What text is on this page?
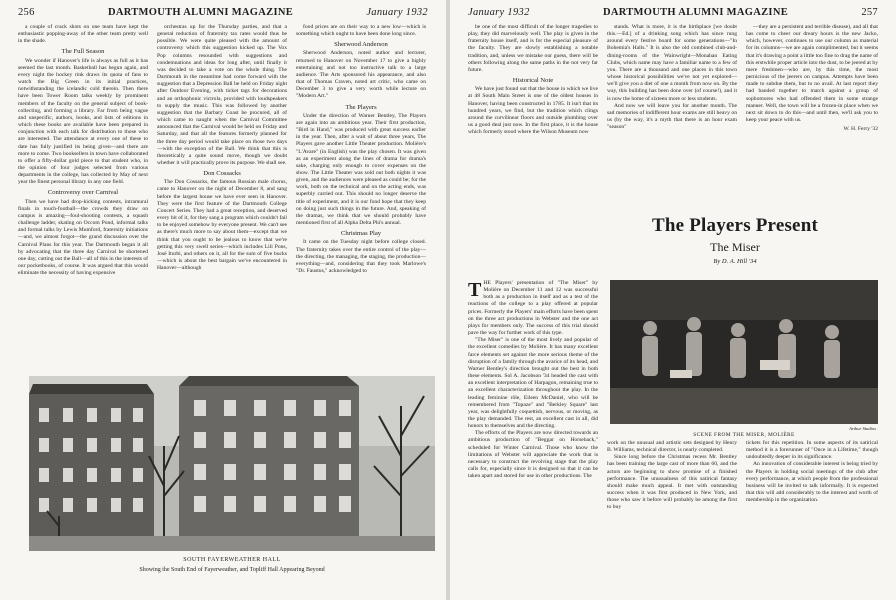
256	DARTMOUTH ALUMNI MAGAZINE	January 1932

a couple of crack shots on one team have kept the enthusiastic popping-away of the other team pretty well in the shade.

The Full Season

We wonder if Hanover's life is always as full as it has seemed the last month. Basketball has begun again, and every night the hockey rink draws its quota of fans to watch the Big Green in its initial practices, notwithstanding the icelandic cold therein. Then there have been Tower Room talks weekly by prominent members of the faculty on the general subject of book-collecting, and forming a library. Far from being vague and unspecific, authors, books, and lists of editions in which these books are available have been prepared in conjunction with each talk for distribution to those who are interested. The attendance at every one of these to date has fully justified its being given—and there are more to come. Two booksellers in town have collaborated to offer a fifty-dollar gold piece to that student who, in the opinion of four judges selected from various departments in the college, has collected by May of next year the finest personal library in any one field.

Controversy over Carnival

Then we have had drop-kicking contests, intramural finals in touch-football—the crowds they draw on campus is amazing—foul-shooting contests, a squash challenge ladder, skating on Occom Pond, informal talks and formal talks by Lewis Mumford, fraternity initiations—and, we almost forgot—the grand discussion over the Carnival Plans for this year. The Dartmouth began it all by advocating that the three day Carnival be shortened one day, cutting out the Ball—all of this in the interests of our pocketbooks, of course. It was argued that this would eliminate the necessity of having expensive

orchestras up for the Thursday parties, and that a general reduction of fraternity tax rates would thus be possible. We were quite pleased with the amount of controversy which this suggestion kicked up. The Vox Pop columns resounded with suggestions and condemnations and ideas for long after, until finally it was decided to take a vote on the whole thing. The Dartmouth in the meantime had come forward with the suggestion that a Depression Ball be held on Friday night after Outdoor Evening, with ticket tags for decorations and an orthophonic victrola, provided with loudspeakers to supply the music. This was followed by another suggestion that the Barbary Coast be procured, all of which came to naught when the Carnival Committee announced that the Carnival would be held on Friday and Saturday, and that all the features formerly planned for the three day period would take place on those two days—with the exception of the Ball. We think that this is theoretically a quite sound move, though we doubt whether it will practically prove its purpose. We shall see.

Don Cossacks

The Don Cossacks, the famous Russian male chorus, came to Hanover on the night of December 8, and sang before the largest house we have ever seen in Hanover. They were the first feature of the Dartmouth College Concert Series. They had a great reception, and deserved every bit of it, for they sang a program which couldn't fail to be enjoyed somehow by everyone present. We can't see as there's much more to say about them—except that we think that you ought to be jealous to know that we're getting this very swell series—which includes Lili Pons, José Iturbi, and others on it, all for the sum of five bucks—which is about the best bargain we've encountered in Hanover—although

food prices are on their way to a new low—which is something which ought to have been done long since.

Sherwood Anderson

Sherwood Anderson, noted author and lecturer, returned to Hanover on November 17 to give a highly entertaining and not too instructive talk to a large audience. The Arts sponsored his appearance, and also that of Thomas Craven, noted art critic, who came on December 3 to give a very worth while lecture on "Modern Art."

The Players

Under the direction of Warner Bentley, The Players are again into an ambitious year. Their first production, "Bird in Hand," was produced with great success earlier in the year. Then, after a wait of about three years, The Players gave another Little Theater production. Molière's "L'Avare" (in English) was the play chosen. It was given as an experiment along the lines of drama for drama's sake, charging only enough to cover expenses on the show. The Little Theater was sold out both nights it was given, and the audiences were pleased as could be; for the work, both on the technical and on the acting ends, was superbly carried out. This should no longer deserve the title of experiment, and it is our fond hope that they keep on doing just such things in the future. And, speaking of the dramas, we think that we should probably have mentioned first of all Alpha Delta Phi's annual.

Christmas Play

It came on the Tuesday night before college closed. The fraternity takes over the entire control of the play—the directing, the managing, the staging, the production—everything—and, considering that they took Marlowe's "Dr. Faustus," acknowledged to

SOUTH FAYERWEATHER HALL
Showing the South End of Fayerweather, and Topliff Hall Appearing Beyond
January 1932	DARTMOUTH ALUMNI MAGAZINE	257

be one of the most difficult of the longer tragedies to play, they did marvelously well. The play is given in the fraternity house itself, and is for the especial pleasure of the faculty. They are slowly establishing a notable tradition, and, unless we mistake our guess, there will be others following along the same paths in the not very far future.

Historical Note

We have just found out that the house in which we live at 48 South Main Street is one of the oldest houses in Hanover, having been constructed in 1785. It isn't that its hundred years, we find, but the tradition which clings around the curvilinear floors and outside plumbing over us a good deal just now. In the first place, it is the house which formerly stood where the Wilson Museum now

stands. What is more, it is the birthplace [we doubt this.—Ed.] of a drinking song which has since rung around every festive board for some generations—"In Bohemia's Halls." It is also the old combined club-and-dining-rooms of the Wainwright—Monahan Eating Clubs, which name may have a familiar name to a few of you. There are a thousand and one places in this town whose historical possibilities we've not yet explored—we'll give you a diet of one a month from now on. By the way, this building has been done over (of course!), and it is now the home of sixteen more or less students.

And now we will leave you for another month. The sad memories of indifferent hour exams are still heavy on us (by the way, it's a myth that there is an hour exam "season"

—they are a persistent and terrible disease), and all that has come to cheer our dreary hours is the new Jacko, which, however, continues to use our column as material for its columns—we are again complimented, but it seems that it's drawing a point a little too fine to drag the name of this erstwhile proper article into the dust, to be jeered at by mere freshmen—who are, by this time, the most pernicious of the jeerers on campus. Attempts have been made to subdue them, but to no avail. At last report they had banded together to march against a group of sophomores who had offended them in some strange manner. Well, the town will be a frozen-in place when we next sit down to do this—and until then, we'll ask you to keep your peace with us.

W. H. Ferry '32
The Players Present
The Miser
By D. A. Hill '34

THE Players' presentation of "The Miser" by Molière on December 11 and 12 was successful both as a production in itself and as a test of the reactions of the college to a play offered at popular prices. Formerly the Players' main efforts have been spent on the three act productions in Webster and the one act plays for members only. The success of this trial should pave the way for further work of this type.

"The Miser" is one of the most lively and popular of the excellent comedies by Molière. It has many excellent farce elements set against the more serious theme of the disruption of a family through the avarice of its head, and Warner Bentley's direction brought out the best in both these elements. Sol A. Jacobson '34 headed the cast with an excellent interpretation of Harpagon, remaining true to an excellent characterization throughout the play. In the leading feminine rôle, Eileen McDaniel, who will be remembered from "Topaze" and "Berkley Square" last year, was delightfully coquettish, nervous, or moving, as the play demanded. The rest, an excellent cast in all, did honors to themselves and the directing.

The efforts of the Players are now directed towards an ambitious production of "Beggar on Horseback," scheduled for Winter Carnival. Those who know the limitations of Webster will appreciate the work that is necessary to construct the revolving stage that the play calls for, especially since it is designed so that it can be taken apart and stored for use in other productions. The

Arthur Studios
SCENE FROM THE MISER, MOLIÈRE

work on the unusual and artistic sets designed by Henry B. Williams, technical director, is nearly completed.

Since long before the Christmas recess Mr. Bentley has been training the large cast of more than 60, and the actors are beginning to show promise of a finished performance. The unusualness of this satirical fantasy should make much appeal. It met with outstanding success when it was first produced in New York, and those who saw it before will probably be among the first to buy

tickets for this repetition. In some aspects of its satirical method it is a forerunner of "Once in a Lifetime," though undoubtedly deeper in its significance.

An innovation of considerable interest is being tried by the Players in holding social meetings of the club after every performance, at which people from the professional business will be invited to talk informally. It is expected that this will add considerably to the interest and worth of membership in the organization.
